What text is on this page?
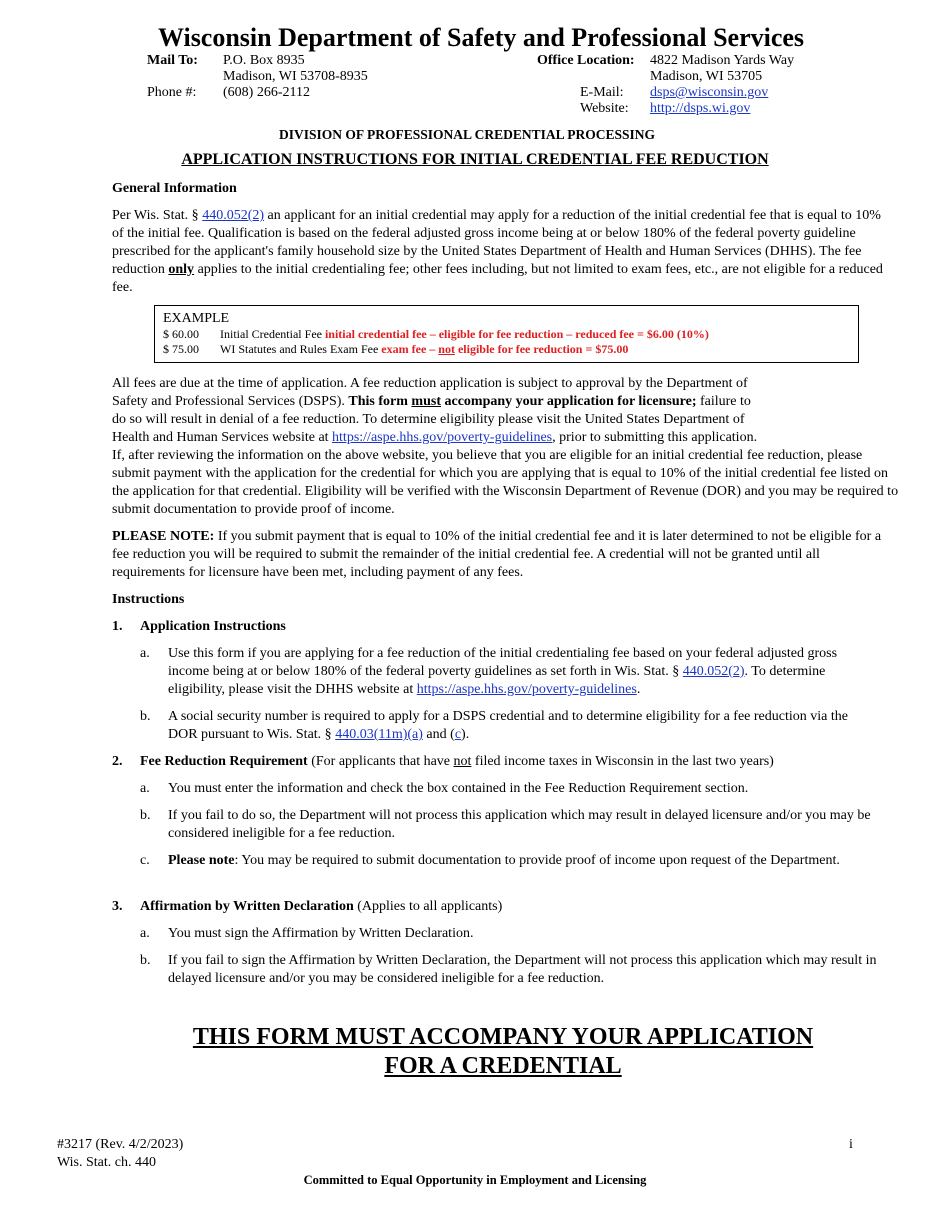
Wisconsin Department of Safety and Professional Services
Mail To: P.O. Box 8935
Madison, WI 53708-8935
Phone #: (608) 266-2112
Office Location: 4822 Madison Yards Way
Madison, WI 53705
E-Mail: dsps@wisconsin.gov
Website: http://dsps.wi.gov
DIVISION OF PROFESSIONAL CREDENTIAL PROCESSING
APPLICATION INSTRUCTIONS FOR INITIAL CREDENTIAL FEE REDUCTION
General Information

Per Wis. Stat. § 440.052(2) an applicant for an initial credential may apply for a reduction of the initial credential fee that is equal to 10% of the initial fee. Qualification is based on the federal adjusted gross income being at or below 180% of the federal poverty guideline prescribed for the applicant's family household size by the United States Department of Health and Human Services (DHHS). The fee reduction only applies to the initial credentialing fee; other fees including, but not limited to exam fees, etc., are not eligible for a reduced fee.

EXAMPLE
$ 60.00 Initial Credential Fee initial credential fee – eligible for fee reduction – reduced fee = $6.00 (10%)
$ 75.00 WI Statutes and Rules Exam Fee exam fee – not eligible for fee reduction = $75.00
All fees are due at the time of application. A fee reduction application is subject to approval by the Department of
Safety and Professional Services (DSPS). This form must accompany your application for licensure; failure to
do so will result in denial of a fee reduction. To determine eligibility please visit the United States Department of
Health and Human Services website at https://aspe.hhs.gov/poverty-guidelines, prior to submitting this application.

If, after reviewing the information on the above website, you believe that you are eligible for an initial credential fee reduction, please submit payment with the application for the credential for which you are applying that is equal to 10% of the initial credential fee listed on the application for that credential. Eligibility will be verified with the Wisconsin Department of Revenue (DOR) and you may be required to submit documentation to provide proof of income.

PLEASE NOTE: If you submit payment that is equal to 10% of the initial credential fee and it is later determined to not be eligible for a fee reduction you will be required to submit the remainder of the initial credential fee. A credential will not be granted until all requirements for licensure have been met, including payment of any fees.

Instructions
1. Application Instructions
a. Use this form if you are applying for a fee reduction of the initial credentialing fee based on your federal adjusted gross income being at or below 180% of the federal poverty guidelines as set forth in Wis. Stat. § 440.052(2). To determine eligibility, please visit the DHHS website at https://aspe.hhs.gov/poverty-guidelines.

b. A social security number is required to apply for a DSPS credential and to determine eligibility for a fee reduction via the DOR pursuant to Wis. Stat. § 440.03(11m)(a) and (c).

2. Fee Reduction Requirement (For applicants that have not filed income taxes in Wisconsin in the last two years)
a. You must enter the information and check the box contained in the Fee Reduction Requirement section.
b. If you fail to do so, the Department will not process this application which may result in delayed licensure and/or you may be considered ineligible for a fee reduction.

c. Please note: You may be required to submit documentation to provide proof of income upon request of the Department.

3. Affirmation by Written Declaration (Applies to all applicants)
a. You must sign the Affirmation by Written Declaration.
b. If you fail to sign the Affirmation by Written Declaration, the Department will not process this application which may result in delayed licensure and/or you may be considered ineligible for a fee reduction.

THIS FORM MUST ACCOMPANY YOUR APPLICATION
FOR A CREDENTIAL
#3217 (Rev. 4/2/2023)
Wis. Stat. ch. 440
i
Committed to Equal Opportunity in Employment and Licensing
